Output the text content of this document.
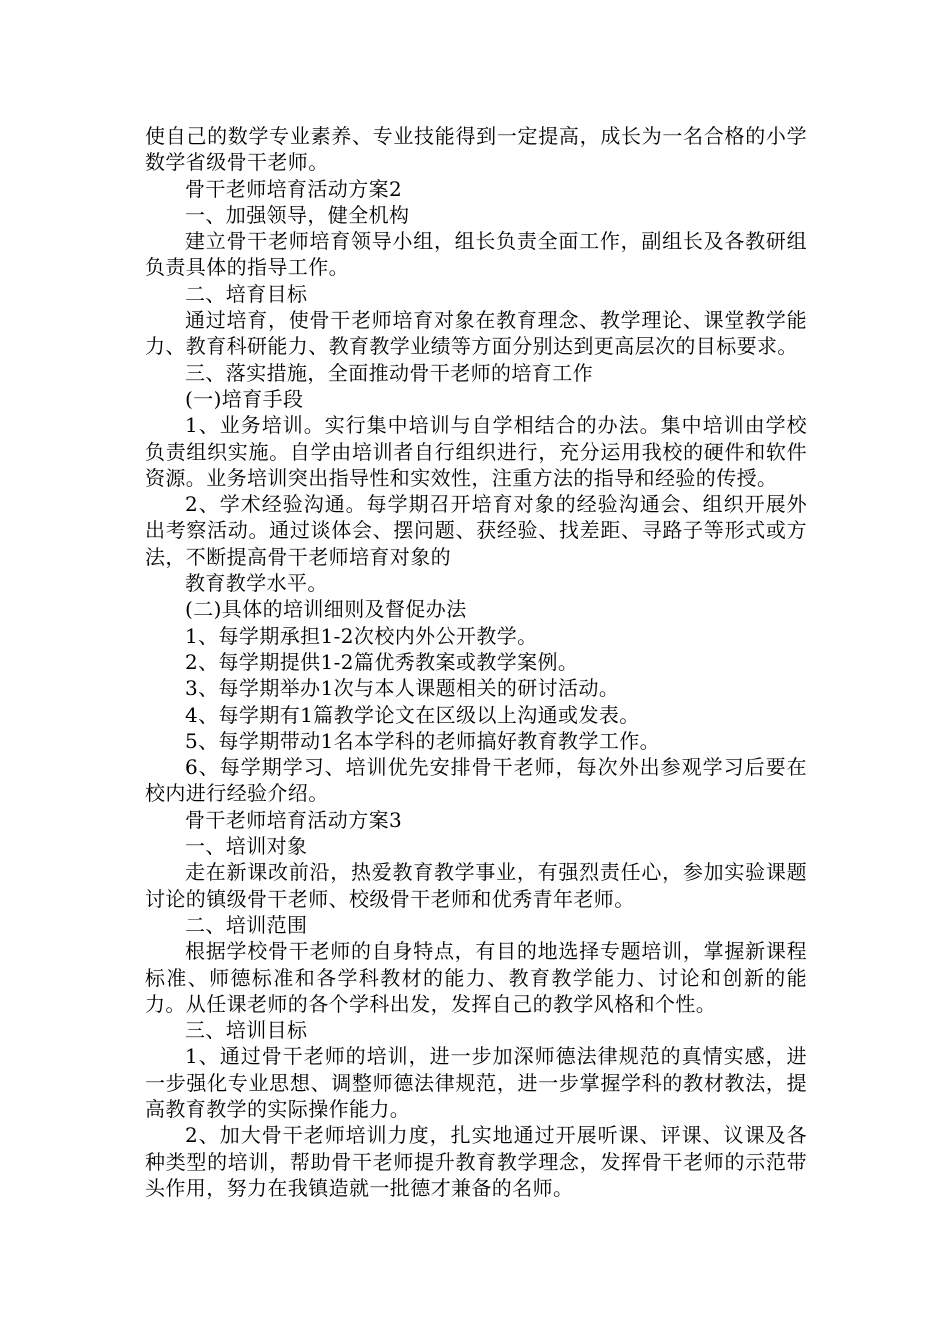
使自己的数学专业素养、专业技能得到一定提高，成长为一名合格的小学数学省级骨干老师。

骨干老师培育活动方案2

一、加强领导，健全机构

建立骨干老师培育领导小组，组长负责全面工作，副组长及各教研组负责具体的指导工作。

二、培育目标

通过培育，使骨干老师培育对象在教育理念、教学理论、课堂教学能力、教育科研能力、教育教学业绩等方面分别达到更高层次的目标要求。

三、落实措施，全面推动骨干老师的培育工作

(一)培育手段

1、业务培训。实行集中培训与自学相结合的办法。集中培训由学校负责组织实施。自学由培训者自行组织进行，充分运用我校的硬件和软件资源。业务培训突出指导性和实效性，注重方法的指导和经验的传授。

2、学术经验沟通。每学期召开培育对象的经验沟通会、组织开展外出考察活动。通过谈体会、摆问题、获经验、找差距、寻路子等形式或方法，不断提高骨干老师培育对象的

教育教学水平。

(二)具体的培训细则及督促办法

1、每学期承担1-2次校内外公开教学。

2、每学期提供1-2篇优秀教案或教学案例。

3、每学期举办1次与本人课题相关的研讨活动。

4、每学期有1篇教学论文在区级以上沟通或发表。

5、每学期带动1名本学科的老师搞好教育教学工作。

6、每学期学习、培训优先安排骨干老师，每次外出参观学习后要在校内进行经验介绍。

骨干老师培育活动方案3

一、培训对象

走在新课改前沿，热爱教育教学事业，有强烈责任心，参加实验课题讨论的镇级骨干老师、校级骨干老师和优秀青年老师。

二、培训范围

根据学校骨干老师的自身特点，有目的地选择专题培训，掌握新课程标准、师德标准和各学科教材的能力、教育教学能力、讨论和创新的能力。从任课老师的各个学科出发，发挥自己的教学风格和个性。

三、培训目标

1、通过骨干老师的培训，进一步加深师德法律规范的真情实感，进一步强化专业思想、调整师德法律规范，进一步掌握学科的教材教法，提高教育教学的实际操作能力。

2、加大骨干老师培训力度，扎实地通过开展听课、评课、议课及各种类型的培训，帮助骨干老师提升教育教学理念，发挥骨干老师的示范带头作用，努力在我镇造就一批德才兼备的名师。
